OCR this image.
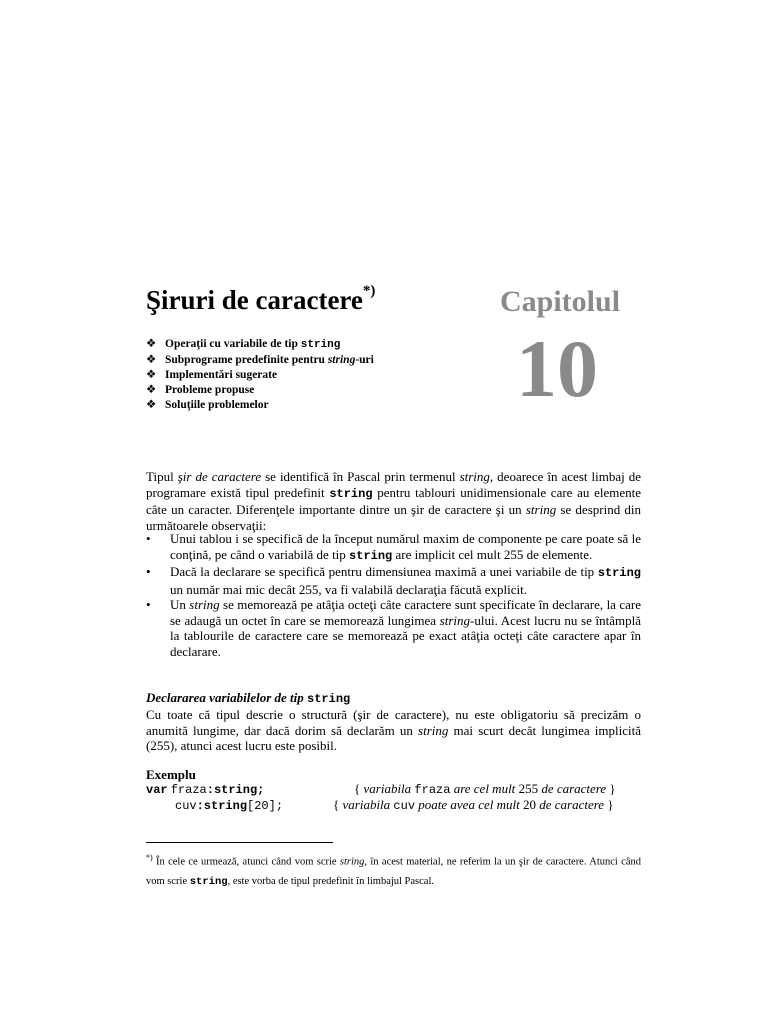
Şiruri de caractere*)	Capitolul
10
❖ Operaţii cu variabile de tip string
❖ Subprograme predefinite pentru string-uri
❖ Implementări sugerate
❖ Probleme propuse
❖ Soluţiile problemelor
Tipul şir de caractere se identifică în Pascal prin termenul string, deoarece în acest limbaj de programare există tipul predefinit string pentru tablouri unidimensionale care au elemente câte un caracter. Diferenţele importante dintre un şir de caractere şi un string se desprind din următoarele observaţii:
• Unui tablou i se specifică de la început numărul maxim de componente pe care poate să le conţină, pe când o variabilă de tip string are implicit cel mult 255 de elemente.
• Dacă la declarare se specifică pentru dimensiunea maximă a unei variabile de tip string un număr mai mic decât 255, va fi valabilă declaraţia făcută explicit.
• Un string se memorează pe atâţia octeţi câte caractere sunt specificate în declarare, la care se adaugă un octet în care se memorează lungimea string-ului. Acest lucru nu se întâmplă la tablourile de caractere care se memorează pe exact atâţia octeţi câte caractere apar în declarare.
Declararea variabilelor de tip string
Cu toate că tipul descrie o structură (şir de caractere), nu este obligatoriu să precizăm o anumită lungime, dar dacă dorim să declarăm un string mai scurt decât lungimea implicită (255), atunci acest lucru este posibil.
Exemplu
var fraza:string;	{ variabila fraza are cel mult 255 de caractere }
cuv:string[20];	{ variabila cuv poate avea cel mult 20 de caractere }
*) În cele ce urmează, atunci când vom scrie string, în acest material, ne referim la un şir de caractere. Atunci când vom scrie string, este vorba de tipul predefinit în limbajul Pascal.
